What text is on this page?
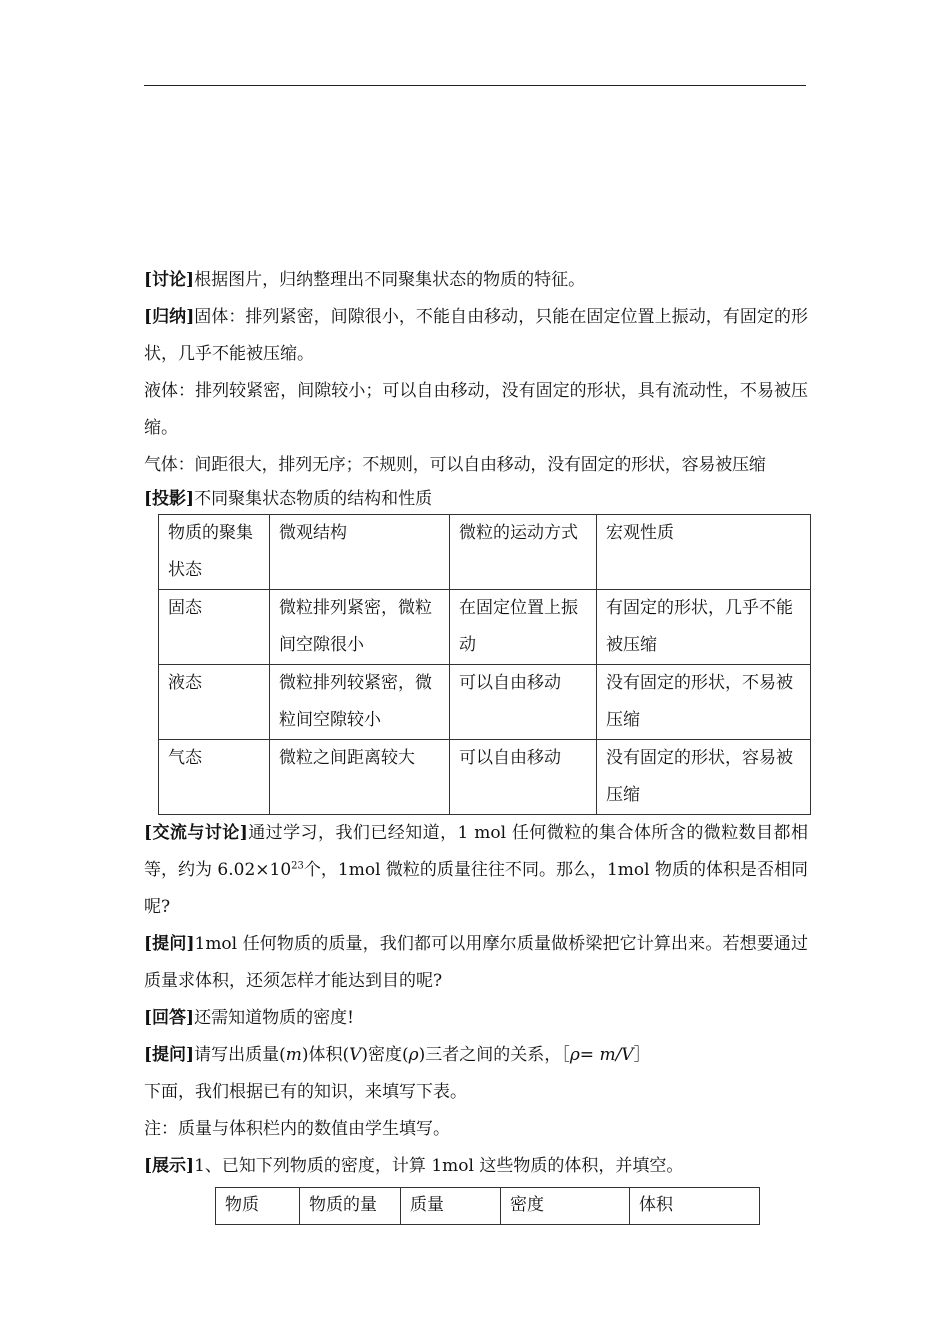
[讨论]根据图片，归纳整理出不同聚集状态的物质的特征。

[归纳]固体：排列紧密，间隙很小，不能自由移动，只能在固定位置上振动，有固定的形状，几乎不能被压缩。

液体：排列较紧密，间隙较小；可以自由移动，没有固定的形状，具有流动性，不易被压缩。

气体：间距很大，排列无序；不规则，可以自由移动，没有固定的形状，容易被压缩

[投影]不同聚集状态物质的结构和性质

物质的聚集状态	微观结构	微粒的运动方式	宏观性质
固态	微粒排列紧密，微粒间空隙很小	在固定位置上振动	有固定的形状，几乎不能被压缩
液态	微粒排列较紧密，微粒间空隙较小	可以自由移动	没有固定的形状，不易被压缩
气态	微粒之间距离较大	可以自由移动	没有固定的形状，容易被压缩

[交流与讨论]通过学习，我们已经知道，1 mol 任何微粒的集合体所含的微粒数目都相等，约为 $6.02\times 10^{23}$个，1mol 微粒的质量往往不同。那么，1mol 物质的体积是否相同呢?

[提问]1mol 任何物质的质量，我们都可以用摩尔质量做桥梁把它计算出来。若想要通过质量求体积，还须怎样才能达到目的呢?

[回答]还需知道物质的密度!

[提问]请写出质量(m)体积(V)密度(ρ)三者之间的关系，［ρ= m/V］

下面，我们根据已有的知识，来填写下表。

注：质量与体积栏内的数值由学生填写。

[展示]1、已知下列物质的密度，计算 1mol 这些物质的体积，并填空。

物质	物质的量	质量	密度	体积
